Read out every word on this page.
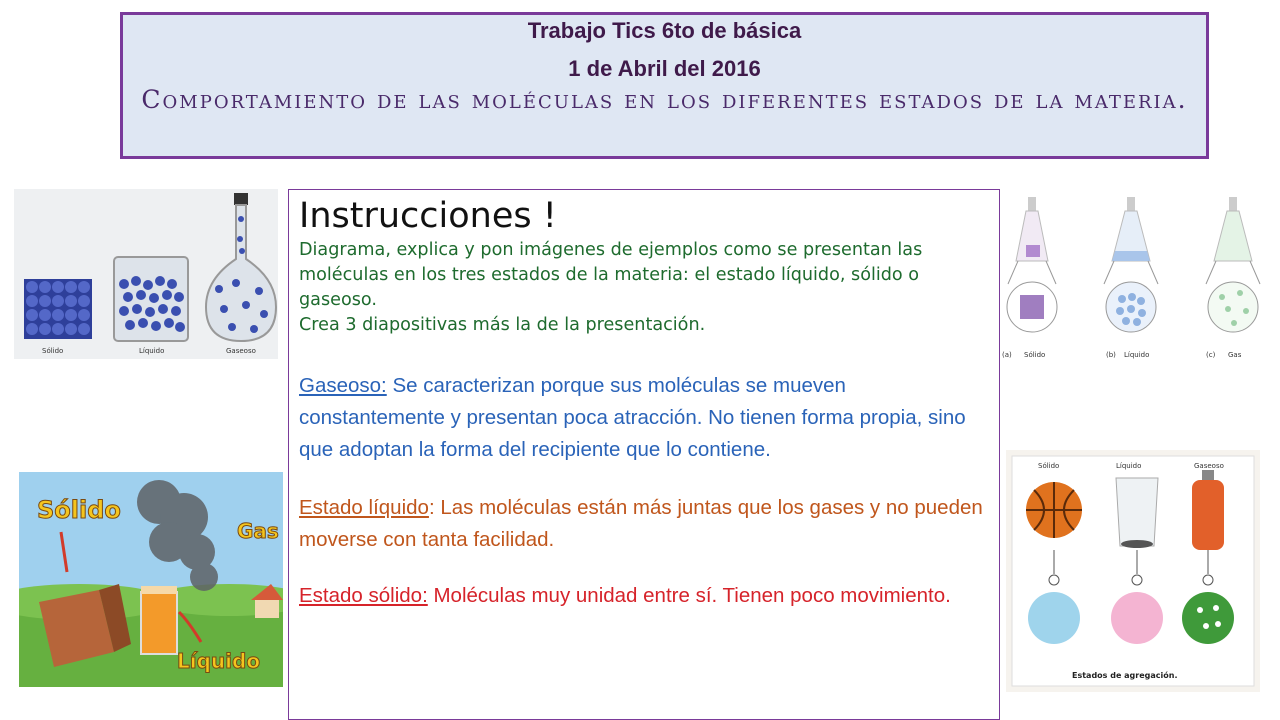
Trabajo Tics 6to de básica
1 de Abril del 2016
Comportamiento de las moléculas en los diferentes estados de la materia.
Sólido	Líquido	Gaseoso	(a) Sólido	(b) Líquido	(c) Gas
Sólido
Gas
Líquido
Sólido	Líquido	Gaseoso
Estados de agregación.
Instrucciones !
Diagrama, explica y pon imágenes de ejemplos como se presentan las moléculas en los tres estados de la materia: el estado líquido, sólido o gaseoso.
Crea 3 diapositivas más la de la presentación.
Gaseoso: Se caracterizan porque sus moléculas se mueven constantemente y presentan poca atracción. No tienen forma propia, sino que adoptan la forma del recipiente que lo contiene.
Estado líquido: Las moléculas están más juntas que los gases y no pueden moverse con tanta facilidad.
Estado sólido: Moléculas muy unidad entre sí. Tienen poco movimiento.
